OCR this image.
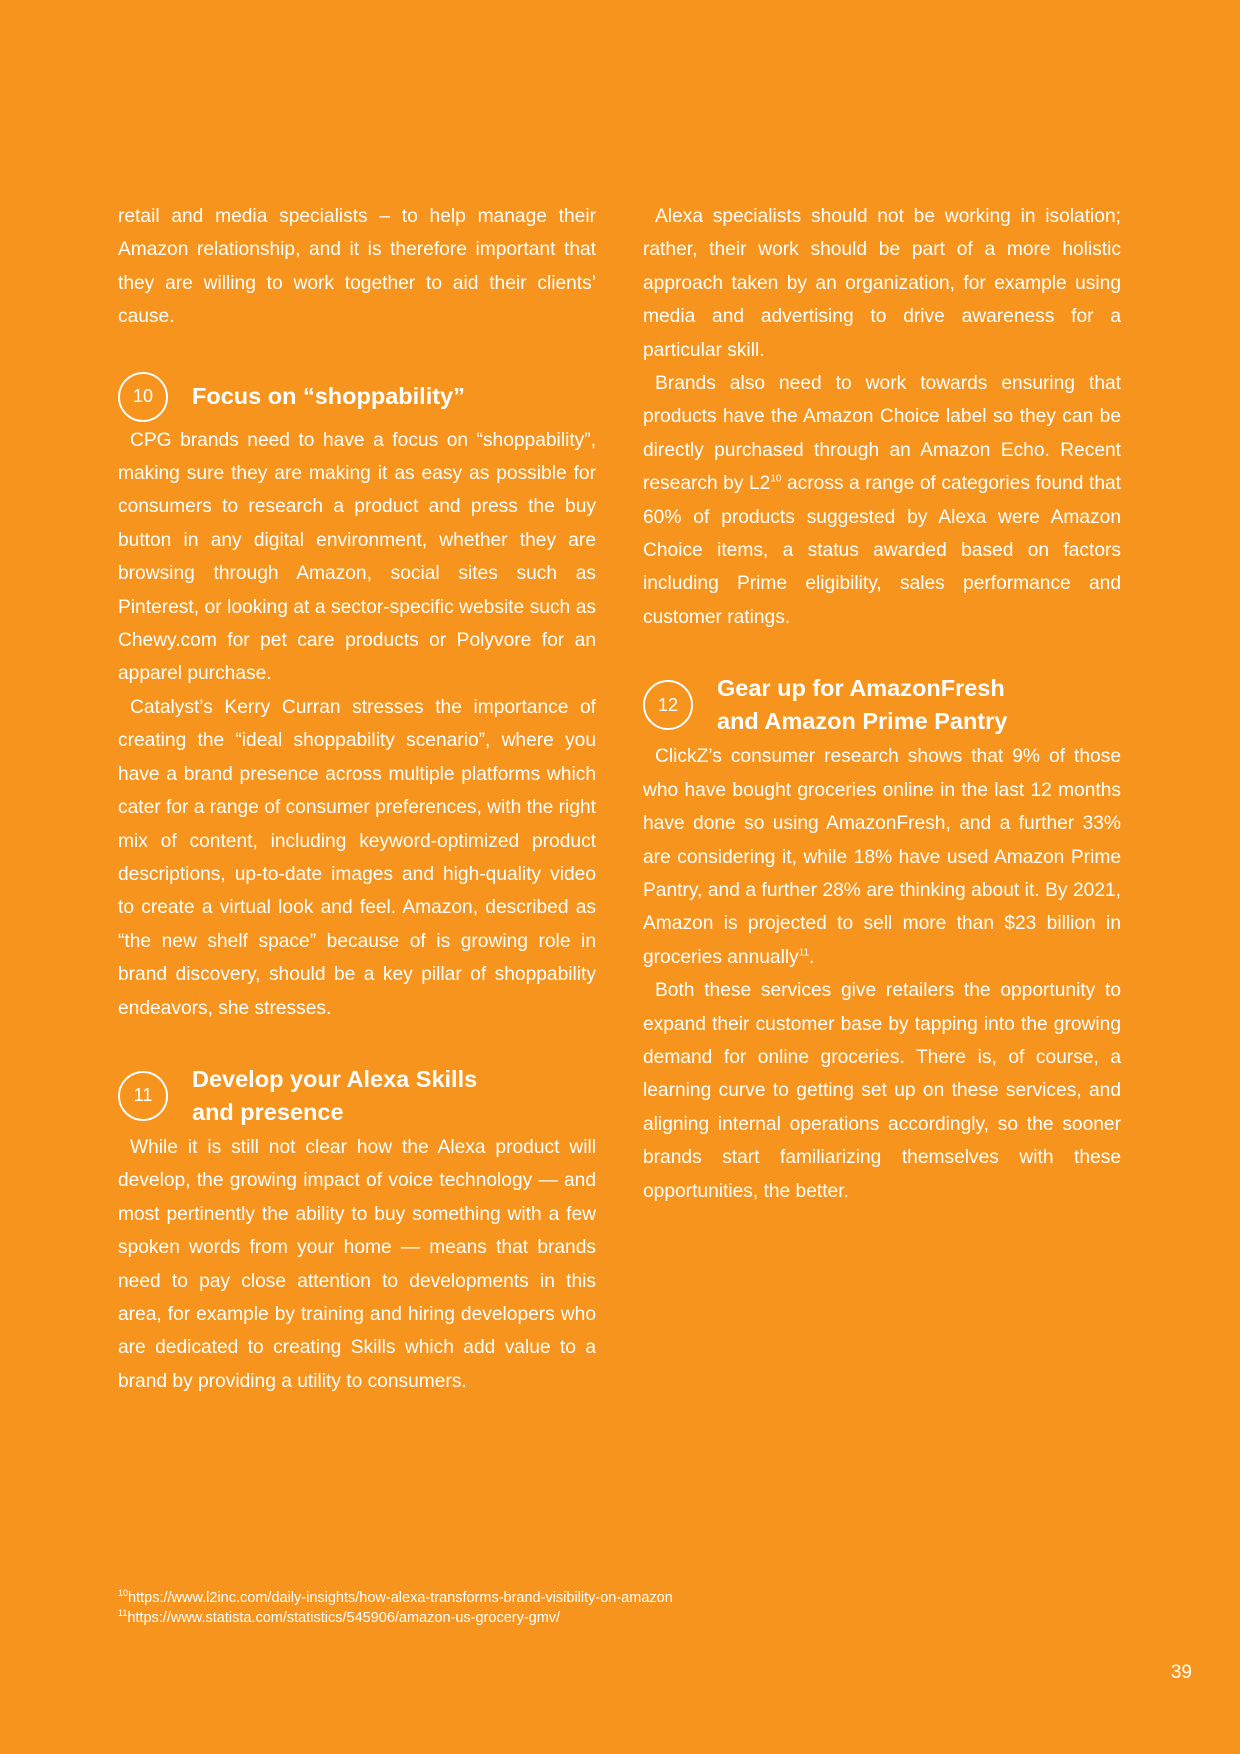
retail and media specialists – to help manage their Amazon relationship, and it is therefore important that they are willing to work together to aid their clients’ cause.

10	Focus on “shoppability”

CPG brands need to have a focus on “shoppability”, making sure they are making it as easy as possible for consumers to research a product and press the buy button in any digital environment, whether they are browsing through Amazon, social sites such as Pinterest, or looking at a sector-specific website such as Chewy.com for pet care products or Polyvore for an apparel purchase.

Catalyst’s Kerry Curran stresses the importance of creating the “ideal shoppability scenario”, where you have a brand presence across multiple platforms which cater for a range of consumer preferences, with the right mix of content, including keyword-optimized product descriptions, up-to-date images and high-quality video to create a virtual look and feel. Amazon, described as “the new shelf space” because of is growing role in brand discovery, should be a key pillar of shoppability endeavors, she stresses.

11
Develop your Alexa Skills
and presence

While it is still not clear how the Alexa product will develop, the growing impact of voice technology — and most pertinently the ability to buy something with a few spoken words from your home — means that brands need to pay close attention to developments in this area, for example by training and hiring developers who are dedicated to creating Skills which add value to a brand by providing a utility to consumers.

Alexa specialists should not be working in isolation; rather, their work should be part of a more holistic approach taken by an organization, for example using media and advertising to drive awareness for a particular skill.

Brands also need to work towards ensuring that products have the Amazon Choice label so they can be directly purchased through an Amazon Echo. Recent research by $L2^{10}$ across a range of categories found that 60% of products suggested by Alexa were Amazon Choice items, a status awarded based on factors including Prime eligibility, sales performance and customer ratings.

12
Gear up for AmazonFresh
and Amazon Prime Pantry

ClickZ’s consumer research shows that 9% of those who have bought groceries online in the last 12 months have done so using AmazonFresh, and a further 33% are considering it, while 18% have used Amazon Prime Pantry, and a further 28% are thinking about it. By 2021, Amazon is projected to sell more than $23 billion in groceries annually$^{11}$.

Both these services give retailers the opportunity to expand their customer base by tapping into the growing demand for online groceries. There is, of course, a learning curve to getting set up on these services, and aligning internal operations accordingly, so the sooner brands start familiarizing themselves with these opportunities, the better.

$^{10}$https://www.l2inc.com/daily-insights/how-alexa-transforms-brand-visibility-on-amazon
$^{11}$https://www.statista.com/statistics/545906/amazon-us-grocery-gmv/
39
